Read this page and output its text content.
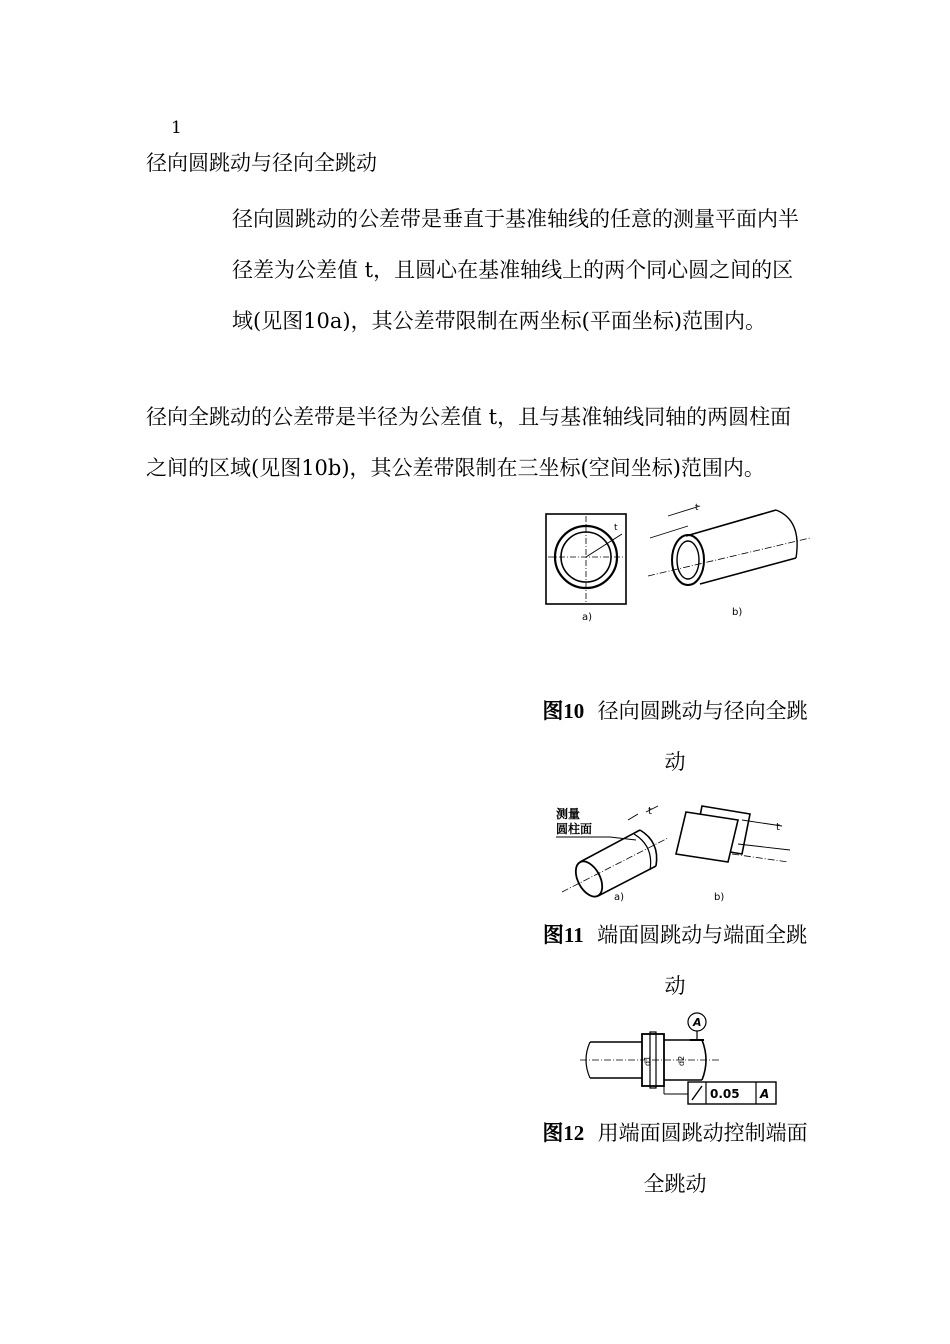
1
径向圆跳动与径向全跳动
径向圆跳动的公差带是垂直于基准轴线的任意的测量平面内半径差为公差值 t，且圆心在基准轴线上的两个同心圆之间的区域(见图10a)，其公差带限制在两坐标(平面坐标)范围内。
径向全跳动的公差带是半径为公差值 t，且与基准轴线同轴的两圆柱面之间的区域(见图10b)，其公差带限制在三坐标(空间坐标)范围内。
t
a)
t
b)
图10 径向圆跳动与径向全跳动
测量
圆柱面
t
t
a)	b)
图11 端面圆跳动与端面全跳动
A
d1	d2
0.05 A
图12 用端面圆跳动控制端面全跳动
